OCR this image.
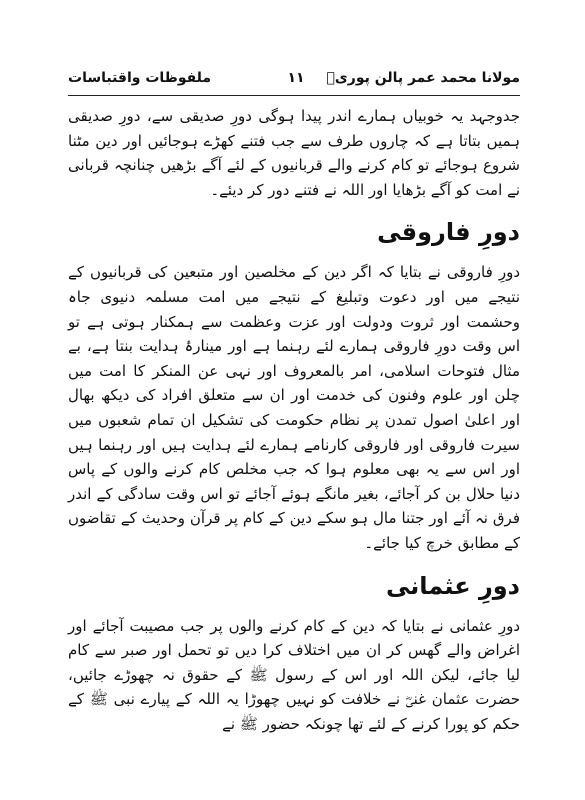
ملفوظات واقتباسات	۱۱ مولانا محمد عمر پالن پوریؒ

جدوجہد یہ خوبیاں ہمارے اندر پیدا ہوگی دورِ صدیقی سے، دورِ صدیقی ہمیں بتاتا ہے کہ چاروں طرف سے جب فتنے کھڑے ہوجائیں اور دین مٹنا شروع ہوجائے تو کام کرنے والے قربانیوں کے لئے آگے بڑھیں چنانچہ قربانی نے امت کو آگے بڑھایا اور اللہ نے فتنے دور کر دیئے۔

دورِ فاروقی

دورِ فاروقی نے بتایا کہ اگر دین کے مخلصین اور متبعین کی قربانیوں کے نتیجے میں اور دعوت وتبلیغ کے نتیجے میں امت مسلمہ دنیوی جاہ وحشمت اور ثروت ودولت اور عزت وعظمت سے ہمکنار ہوتی ہے تو اس وقت دورِ فاروقی ہمارے لئے رہنما ہے اور مینارۂ ہدایت بنتا ہے، بے مثال فتوحات اسلامی، امر بالمعروف اور نہی عن المنکر کا امت میں چلن اور علوم وفنون کی خدمت اور ان سے متعلق افراد کی دیکھ بھال اور اعلیٰ اصول تمدن پر نظام حکومت کی تشکیل ان تمام شعبوں میں سیرت فاروقی اور فاروقی کارنامے ہمارے لئے ہدایت ہیں اور رہنما ہیں اور اس سے یہ بھی معلوم ہوا کہ جب مخلص کام کرنے والوں کے پاس دنیا حلال بن کر آجائے، بغیر مانگے ہوئے آجائے تو اس وقت سادگی کے اندر فرق نہ آئے اور جتنا مال ہو سکے دین کے کام پر قرآن وحدیث کے تقاضوں کے مطابق خرچ کیا جائے۔

دورِ عثمانی

دورِ عثمانی نے بتایا کہ دین کے کام کرنے والوں پر جب مصیبت آجائے اور اغراض والے گھس کر ان میں اختلاف کرا دیں تو تحمل اور صبر سے کام لیا جائے، لیکن اللہ اور اس کے رسول ﷺ کے حقوق نہ چھوڑے جائیں، حضرت عثمان غنیؓ نے خلافت کو نہیں چھوڑا یہ اللہ کے پیارے نبی ﷺ کے حکم کو پورا کرنے کے لئے تھا چونکہ حضور ﷺ نے
